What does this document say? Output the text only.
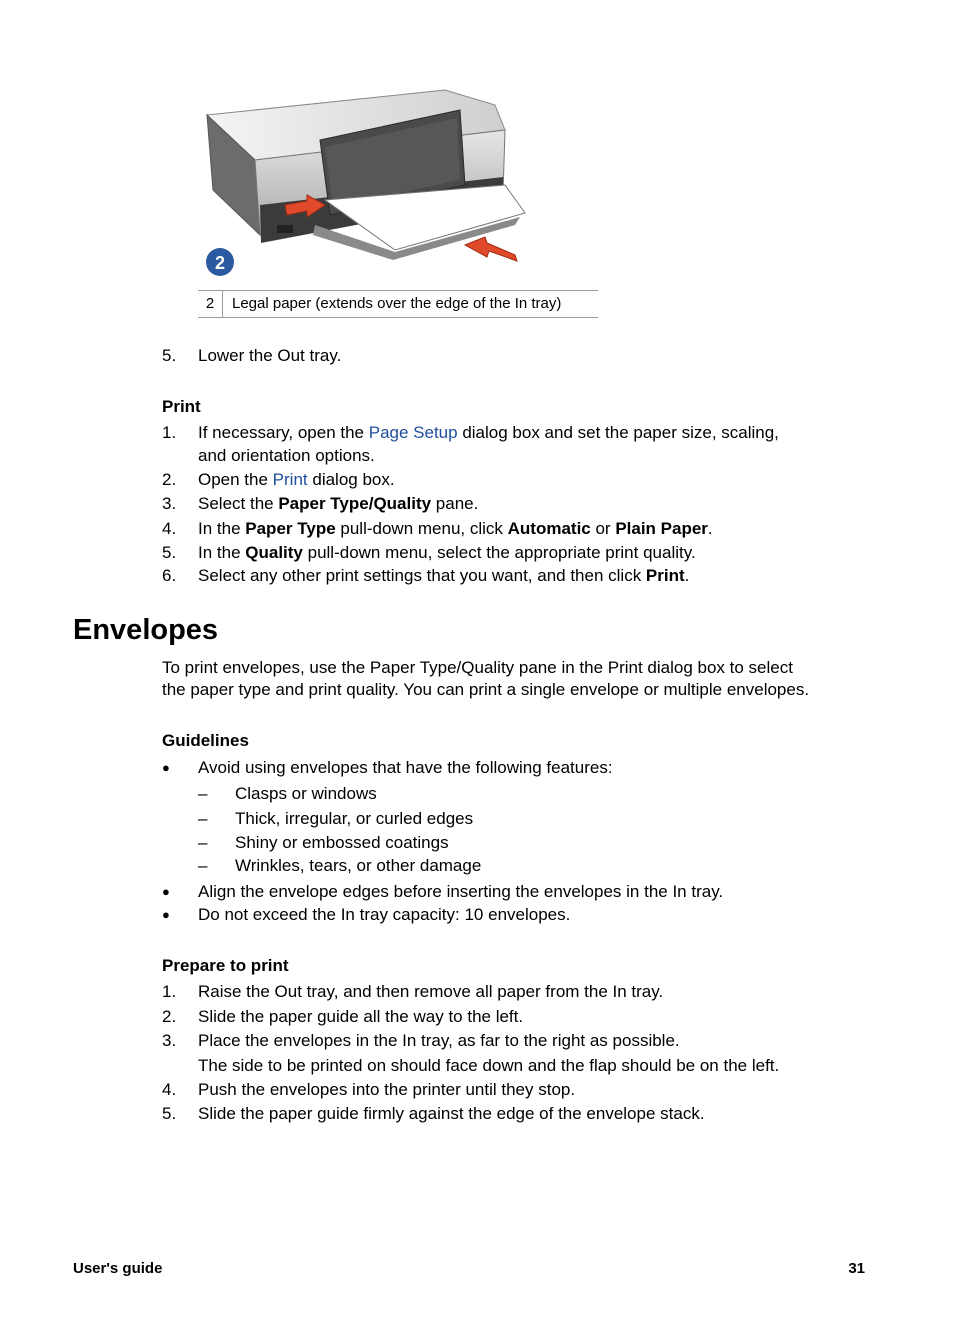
2
2	Legal paper (extends over the edge of the In tray)
5.	Lower the Out tray.
Print
1.	If necessary, open the Page Setup dialog box and set the paper size, scaling,
and orientation options.
2.	Open the Print dialog box.
3.	Select the Paper Type/Quality pane.
4.	In the Paper Type pull-down menu, click Automatic or Plain Paper.
5.	In the Quality pull-down menu, select the appropriate print quality.
6.	Select any other print settings that you want, and then click Print.
Envelopes
To print envelopes, use the Paper Type/Quality pane in the Print dialog box to select
the paper type and print quality. You can print a single envelope or multiple envelopes.
Guidelines
●	Avoid using envelopes that have the following features:
–	Clasps or windows
–	Thick, irregular, or curled edges
–	Shiny or embossed coatings
–	Wrinkles, tears, or other damage
●	Align the envelope edges before inserting the envelopes in the In tray.
●	Do not exceed the In tray capacity: 10 envelopes.
Prepare to print
1.	Raise the Out tray, and then remove all paper from the In tray.
2.	Slide the paper guide all the way to the left.
3.	Place the envelopes in the In tray, as far to the right as possible.
The side to be printed on should face down and the flap should be on the left.
4.	Push the envelopes into the printer until they stop.
5.	Slide the paper guide firmly against the edge of the envelope stack.
User's guide	31
